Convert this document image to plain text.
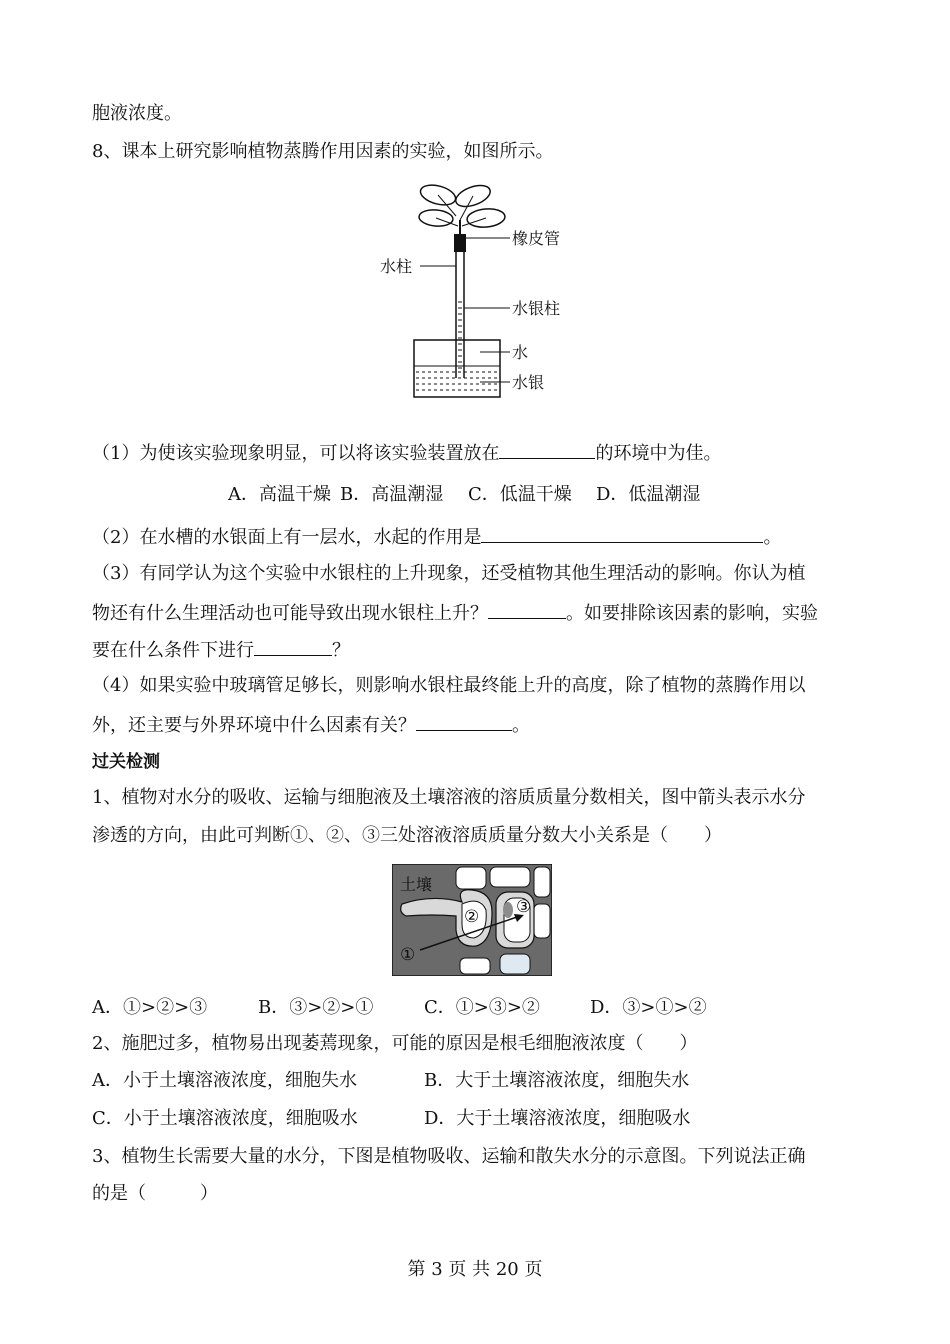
胞液浓度。
8、课本上研究影响植物蒸腾作用因素的实验，如图所示。
橡皮管
水柱
水银柱
水
水银
（1）为使该实验现象明显，可以将该实验装置放在	的环境中为佳。
A．高温干燥 B．高温潮湿 C．低温干燥 D．低温潮湿
（2）在水槽的水银面上有一层水，水起的作用是	。
（3）有同学认为这个实验中水银柱的上升现象，还受植物其他生理活动的影响。你认为植
物还有什么生理活动也可能导致出现水银柱上升？	。如要排除该因素的影响，实验
要在什么条件下进行	？
（4）如果实验中玻璃管足够长，则影响水银柱最终能上升的高度，除了植物的蒸腾作用以
外，还主要与外界环境中什么因素有关？	。
过关检测
1、植物对水分的吸收、运输与细胞液及土壤溶液的溶质质量分数相关，图中箭头表示水分
渗透的方向，由此可判断①、②、③三处溶液溶质质量分数大小关系是（　　）
土壤
①
② ③
A．①>②>③	B．③>②>①	C．①>③>②	D．③>①>②
2、施肥过多，植物易出现萎蔫现象，可能的原因是根毛细胞液浓度（　　）
A．小于土壤溶液浓度，细胞失水	B．大于土壤溶液浓度，细胞失水
C．小于土壤溶液浓度，细胞吸水	D．大于土壤溶液浓度，细胞吸水
3、植物生长需要大量的水分，下图是植物吸收、运输和散失水分的示意图。下列说法正确
的是（　　　）
第 3 页 共 20 页
